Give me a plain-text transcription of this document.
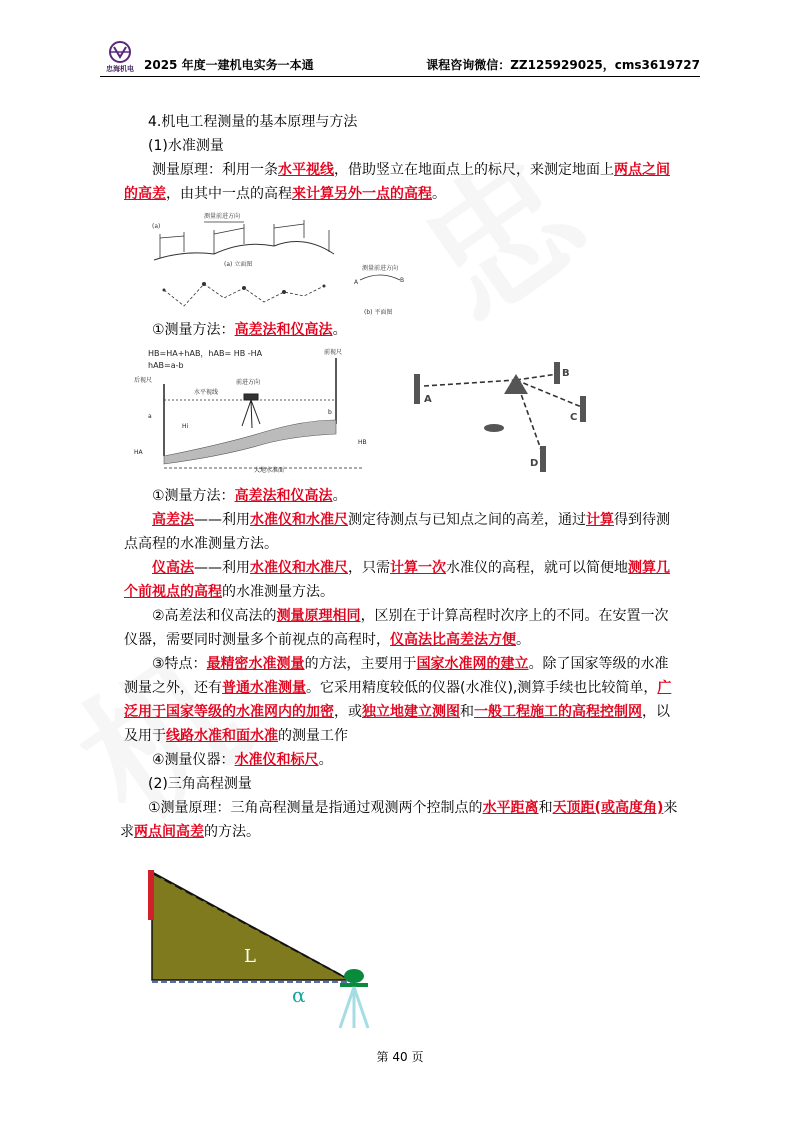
忠海机电 2025 年度一建机电实务一本通	课程咨询微信：ZZ125929025，cms3619727

4.机电工程测量的基本原理与方法

(1)水准测量

测量原理：利用一条水平视线，借助竖立在地面点上的标尺，来测定地面上两点之间的高差，由其中一点的高程来计算另外一点的高程。

测量前进方向
(a)
(a) 立面图
(b) 平面图
测量前进方向
A	B

①测量方法：高差法和仪高法。

HB=HA+hAB，hAB= HB -HA
hAB=a-b
后视尺
前视尺
水平视线
前进方向
大地水准面
HA
HB
Hi
a
b
A
B
C
D

①测量方法：高差法和仪高法。

高差法——利用水准仪和水准尺测定待测点与已知点之间的高差，通过计算得到待测点高程的水准测量方法。

仪高法——利用水准仪和水准尺，只需计算一次水准仪的高程，就可以简便地测算几个前视点的高程的水准测量方法。

②高差法和仪高法的测量原理相同，区别在于计算高程时次序上的不同。在安置一次仪器，需要同时测量多个前视点的高程时，仪高法比高差法方便。

③特点：最精密水准测量的方法，主要用于国家水准网的建立。除了国家等级的水准测量之外，还有普通水准测量。它采用精度较低的仪器(水准仪),测算手续也比较简单，广泛用于国家等级的水准网内的加密，或独立地建立测图和一般工程施工的高程控制网，以及用于线路水准和面水准的测量工作

④测量仪器：水准仪和标尺。

(2)三角高程测量

①测量原理：三角高程测量是指通过观测两个控制点的水平距离和天顶距(或高度角)来求两点间高差的方法。

L
α
第 40 页
